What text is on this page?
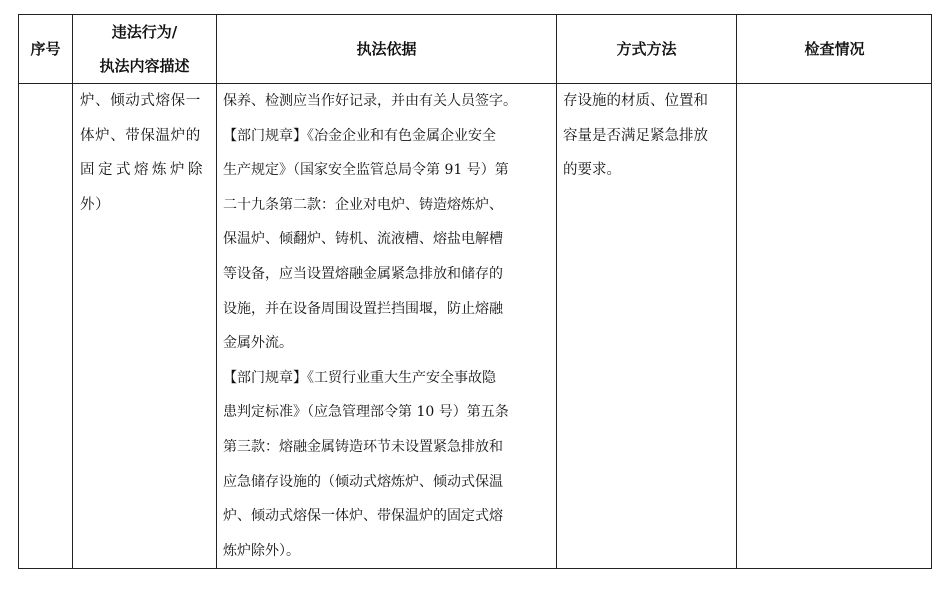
序号
违法行为/
执法内容描述
执法依据	方式方法	检查情况
炉、倾动式熔保一
体炉、带保温炉的
固定式熔炼炉除
外）
保养、检测应当作好记录，并由有关人员签字。
【部门规章】《冶金企业和有色金属企业安全
生产规定》（国家安全监管总局令第 91 号）第
二十九条第二款：企业对电炉、铸造熔炼炉、
保温炉、倾翻炉、铸机、流液槽、熔盐电解槽
等设备，应当设置熔融金属紧急排放和储存的
设施，并在设备周围设置拦挡围堰，防止熔融
金属外流。
【部门规章】《工贸行业重大生产安全事故隐
患判定标准》（应急管理部令第 10 号）第五条
第三款：熔融金属铸造环节未设置紧急排放和
应急储存设施的（倾动式熔炼炉、倾动式保温
炉、倾动式熔保一体炉、带保温炉的固定式熔
炼炉除外）。
存设施的材质、位置和
容量是否满足紧急排放
的要求。
